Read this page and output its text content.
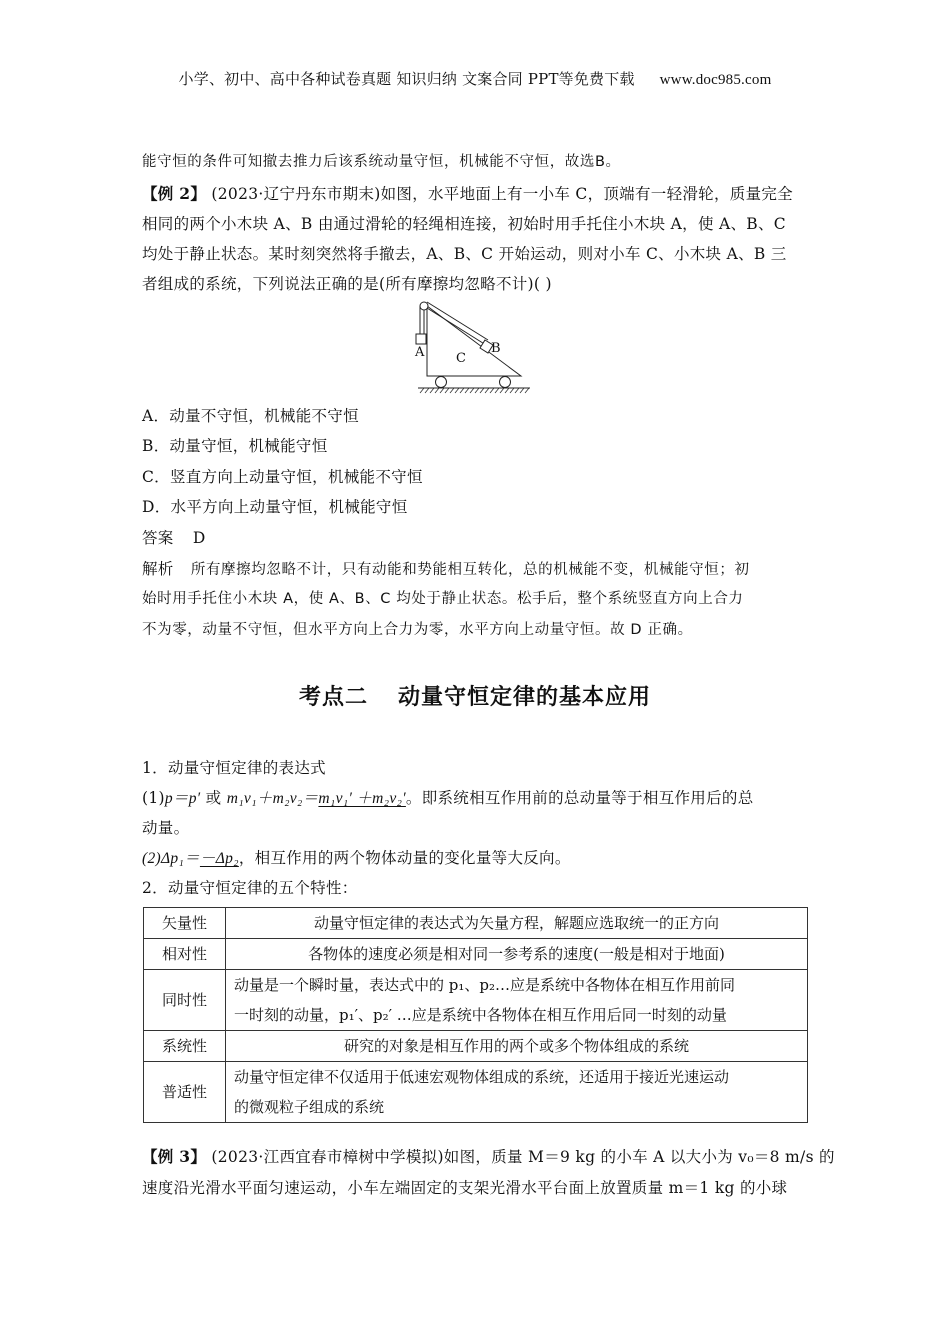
小学、初中、高中各种试卷真题 知识归纳 文案合同 PPT等免费下载 www.doc985.com
能守恒的条件可知撤去推力后该系统动量守恒，机械能不守恒，故选B。
【例 2】 (2023·辽宁丹东市期末)如图，水平地面上有一小车 C，顶端有一轻滑轮，质量完全
相同的两个小木块 A、B 由通过滑轮的轻绳相连接，初始时用手托住小木块 A，使 A、B、C
均处于静止状态。某时刻突然将手撤去，A、B、C 开始运动，则对小车 C、小木块 A、B 三
者组成的系统，下列说法正确的是(所有摩擦均忽略不计)( )
A	B
C
A．动量不守恒，机械能不守恒
B．动量守恒，机械能守恒
C．竖直方向上动量守恒，机械能不守恒
D．水平方向上动量守恒，机械能守恒
答案 D
解析 所有摩擦均忽略不计，只有动能和势能相互转化，总的机械能不变，机械能守恒；初
始时用手托住小木块 A，使 A、B、C 均处于静止状态。松手后，整个系统竖直方向上合力
不为零，动量不守恒，但水平方向上合力为零，水平方向上动量守恒。故 D 正确。
考点二 动量守恒定律的基本应用
1．动量守恒定律的表达式
(1)p＝p′ 或 m₁v₁＋m₂v₂＝m₁v₁′ ＋m₂v₂′。即系统相互作用前的总动量等于相互作用后的总
动量。
(2)Δp₁＝－Δp₂，相互作用的两个物体动量的变化量等大反向。
2．动量守恒定律的五个特性：
矢量性	动量守恒定律的表达式为矢量方程，解题应选取统一的正方向
相对性	各物体的速度必须是相对同一参考系的速度(一般是相对于地面)
同时性	动量是一个瞬时量，表达式中的 p₁、p₂…应是系统中各物体在相互作用前同
一时刻的动量，p₁′、p₂′ …应是系统中各物体在相互作用后同一时刻的动量

系统性	研究的对象是相互作用的两个或多个物体组成的系统
普适性	动量守恒定律不仅适用于低速宏观物体组成的系统，还适用于接近光速运动
的微观粒子组成的系统
【例 3】 (2023·江西宜春市樟树中学模拟)如图，质量 M＝9 kg 的小车 A 以大小为 v₀＝8 m/s 的
速度沿光滑水平面匀速运动，小车左端固定的支架光滑水平台面上放置质量 m＝1 kg 的小球
